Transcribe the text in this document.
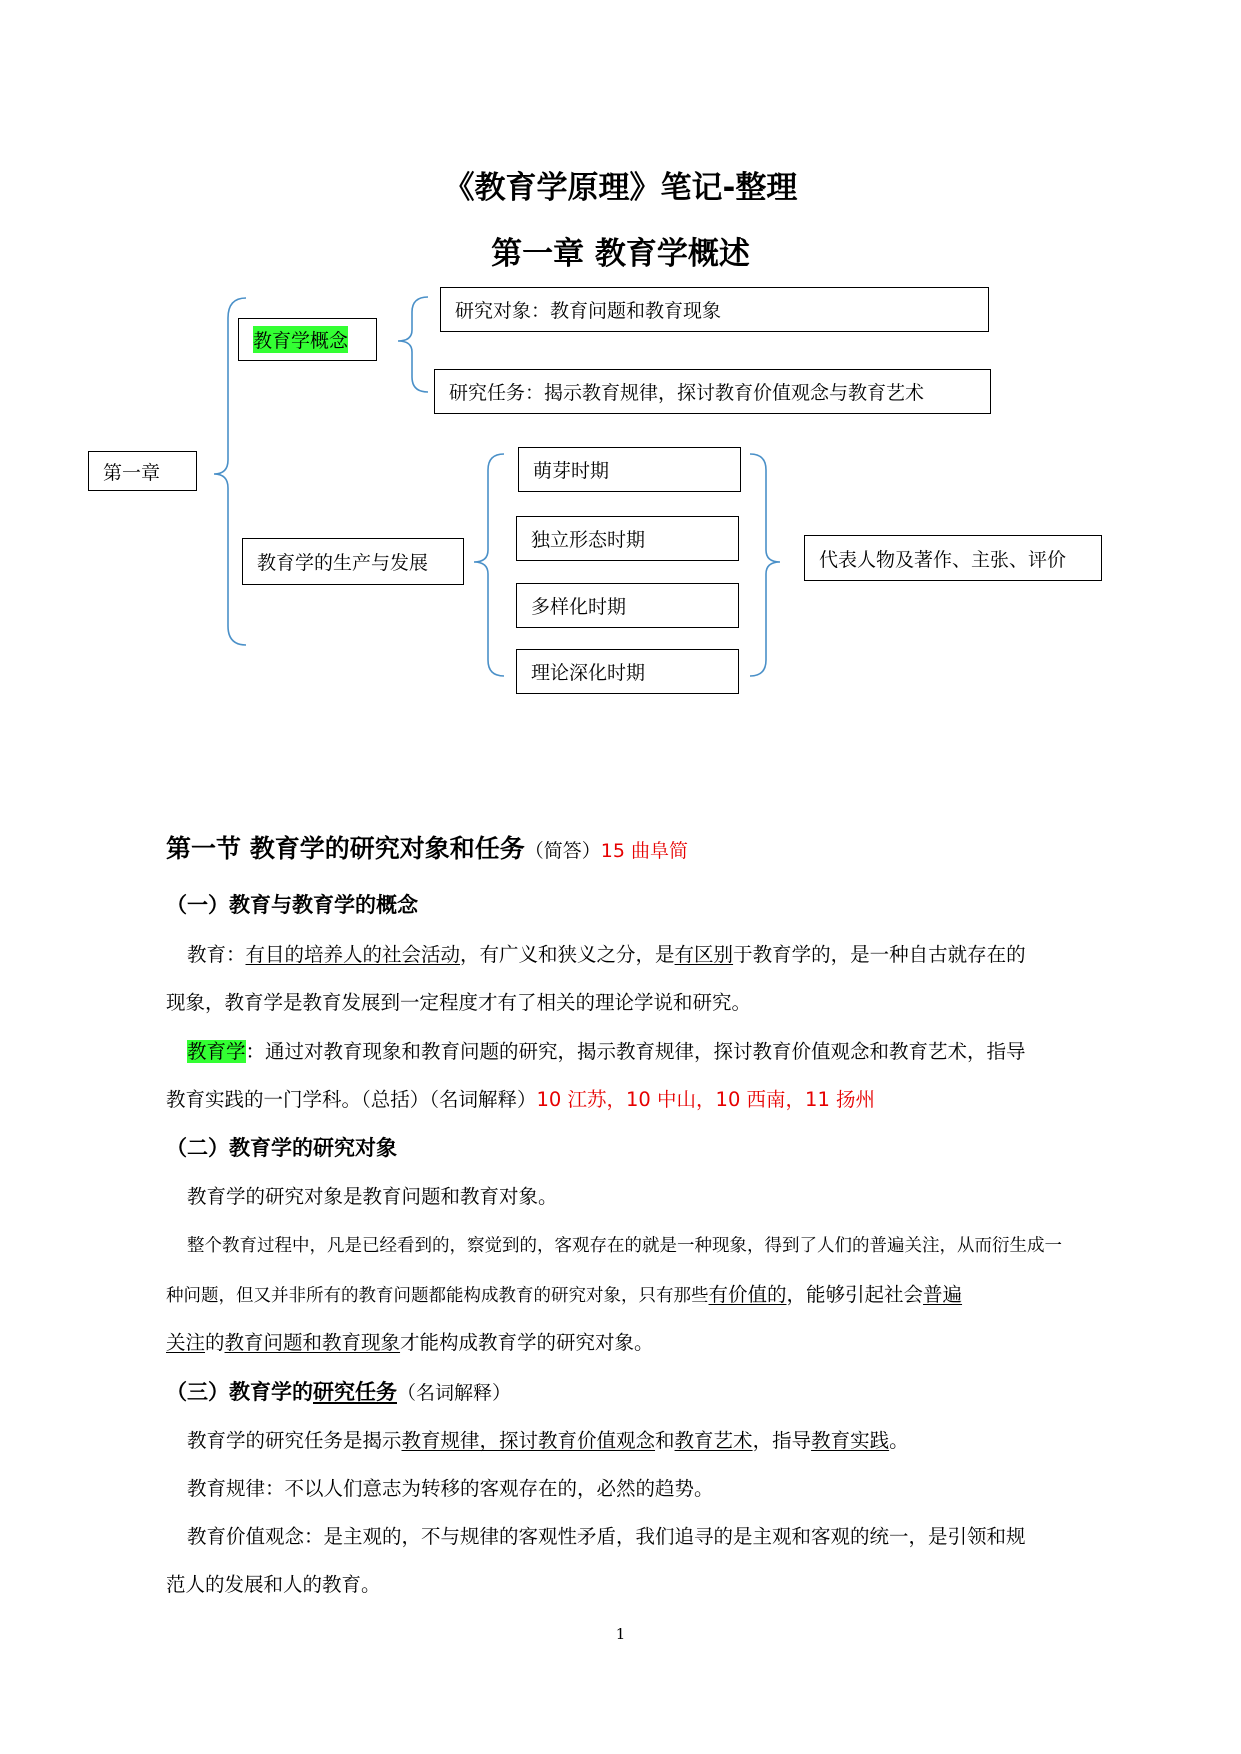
《教育学原理》笔记-整理
第一章 教育学概述
第一章
教育学概念
研究对象：教育问题和教育现象
研究任务：揭示教育规律，探讨教育价值观念与教育艺术
教育学的生产与发展
萌芽时期
独立形态时期
多样化时期
理论深化时期
代表人物及著作、主张、评价
第一节 教育学的研究对象和任务（简答）15 曲阜简
（一）教育与教育学的概念
教育：有目的培养人的社会活动，有广义和狭义之分，是有区别于教育学的，是一种自古就存在的
现象，教育学是教育发展到一定程度才有了相关的理论学说和研究。
教育学：通过对教育现象和教育问题的研究，揭示教育规律，探讨教育价值观念和教育艺术，指导
教育实践的一门学科。（总括）（名词解释）10 江苏，10 中山，10 西南，11 扬州
（二）教育学的研究对象
教育学的研究对象是教育问题和教育对象。
整个教育过程中，凡是已经看到的，察觉到的，客观存在的就是一种现象，得到了人们的普遍关注，从而衍生成一
种问题，但又并非所有的教育问题都能构成教育的研究对象，只有那些有价值的，能够引起社会普遍
关注的教育问题和教育现象才能构成教育学的研究对象。
（三）教育学的研究任务（名词解释）
教育学的研究任务是揭示教育规律，探讨教育价值观念和教育艺术，指导教育实践。
教育规律：不以人们意志为转移的客观存在的，必然的趋势。
教育价值观念：是主观的，不与规律的客观性矛盾，我们追寻的是主观和客观的统一，是引领和规
范人的发展和人的教育。
1
